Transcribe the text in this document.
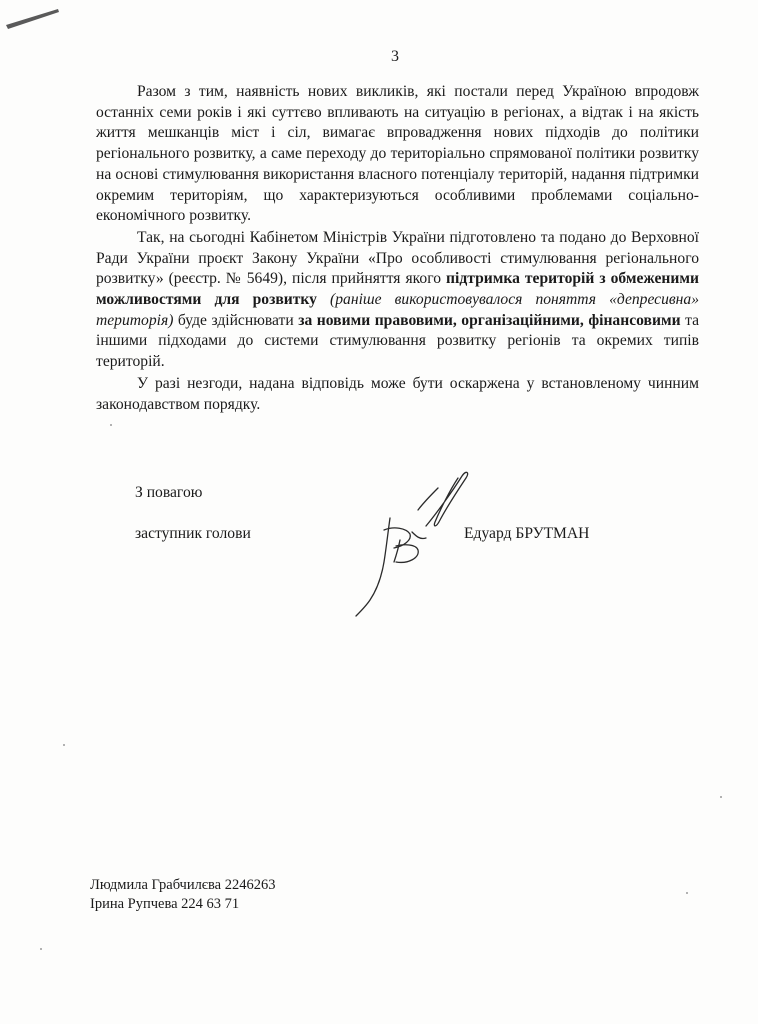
3

Разом з тим, наявність нових викликів, які постали перед Україною впродовж останніх семи років і які суттєво впливають на ситуацію в регіонах, а відтак і на якість життя мешканців міст і сіл, вимагає впровадження нових підходів до політики регіонального розвитку, а саме переходу до територіально спрямованої політики розвитку на основі стимулювання використання власного потенціалу територій, надання підтримки окремим територіям, що характеризуються особливими проблемами соціально-економічного розвитку.

Так, на сьогодні Кабінетом Міністрів України підготовлено та подано до Верховної Ради України проєкт Закону України «Про особливості стимулювання регіонального розвитку» (реєстр. № 5649), після прийняття якого підтримка територій з обмеженими можливостями для розвитку (раніше використовувалося поняття «депресивна» територія) буде здійснювати за новими правовими, організаційними, фінансовими та іншими підходами до системи стимулювання розвитку регіонів та окремих типів територій.

У разі незгоди, надана відповідь може бути оскаржена у встановленому чинним законодавством порядку.

З повагою
заступник голови	Едуард БРУТМАН
Людмила Грабчилєва 2246263
Ірина Рупчева 224 63 71
